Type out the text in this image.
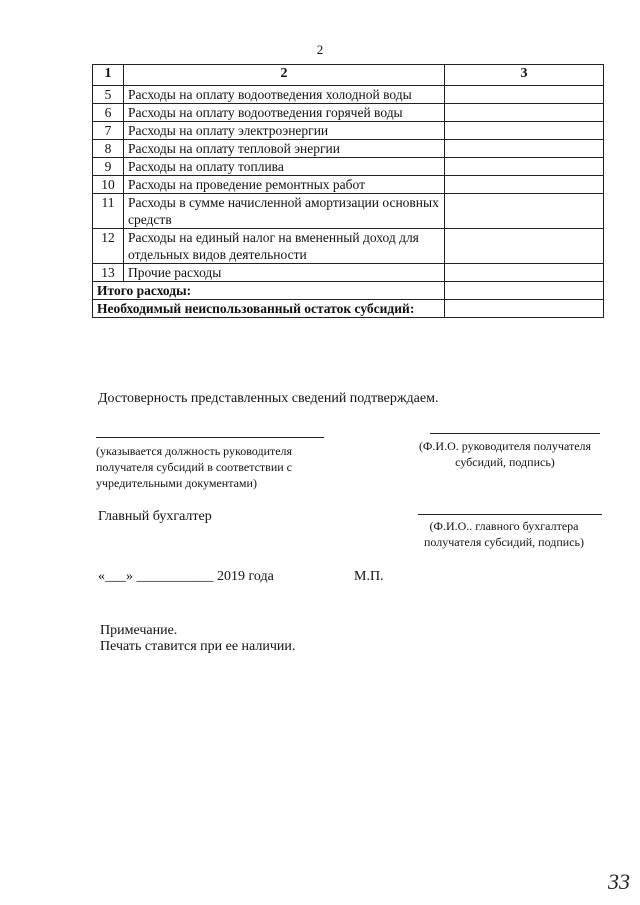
2
1	2	3
5	Расходы на оплату водоотведения холодной воды	
6	Расходы на оплату водоотведения горячей воды	
7	Расходы на оплату электроэнергии	
8	Расходы на оплату тепловой энергии	
9	Расходы на оплату топлива	
10	Расходы на проведение ремонтных работ	
11	Расходы в сумме начисленной амортизации основных средств	
12	Расходы на единый налог на вмененный доход для отдельных видов деятельности	
13	Прочие расходы	
Итого расходы:		
Необходимый неиспользованный остаток субсидий:		
Достоверность представленных сведений подтверждаем.
(указывается должность руководителя получателя субсидий в соответствии с учредительными документами)
(Ф.И.О. руководителя получателя субсидий, подпись)
Главный бухгалтер
(Ф.И.О.. главного бухгалтера получателя субсидий, подпись)
«___» ___________ 2019 года	М.П.
Примечание.
Печать ставится при ее наличии.
33
